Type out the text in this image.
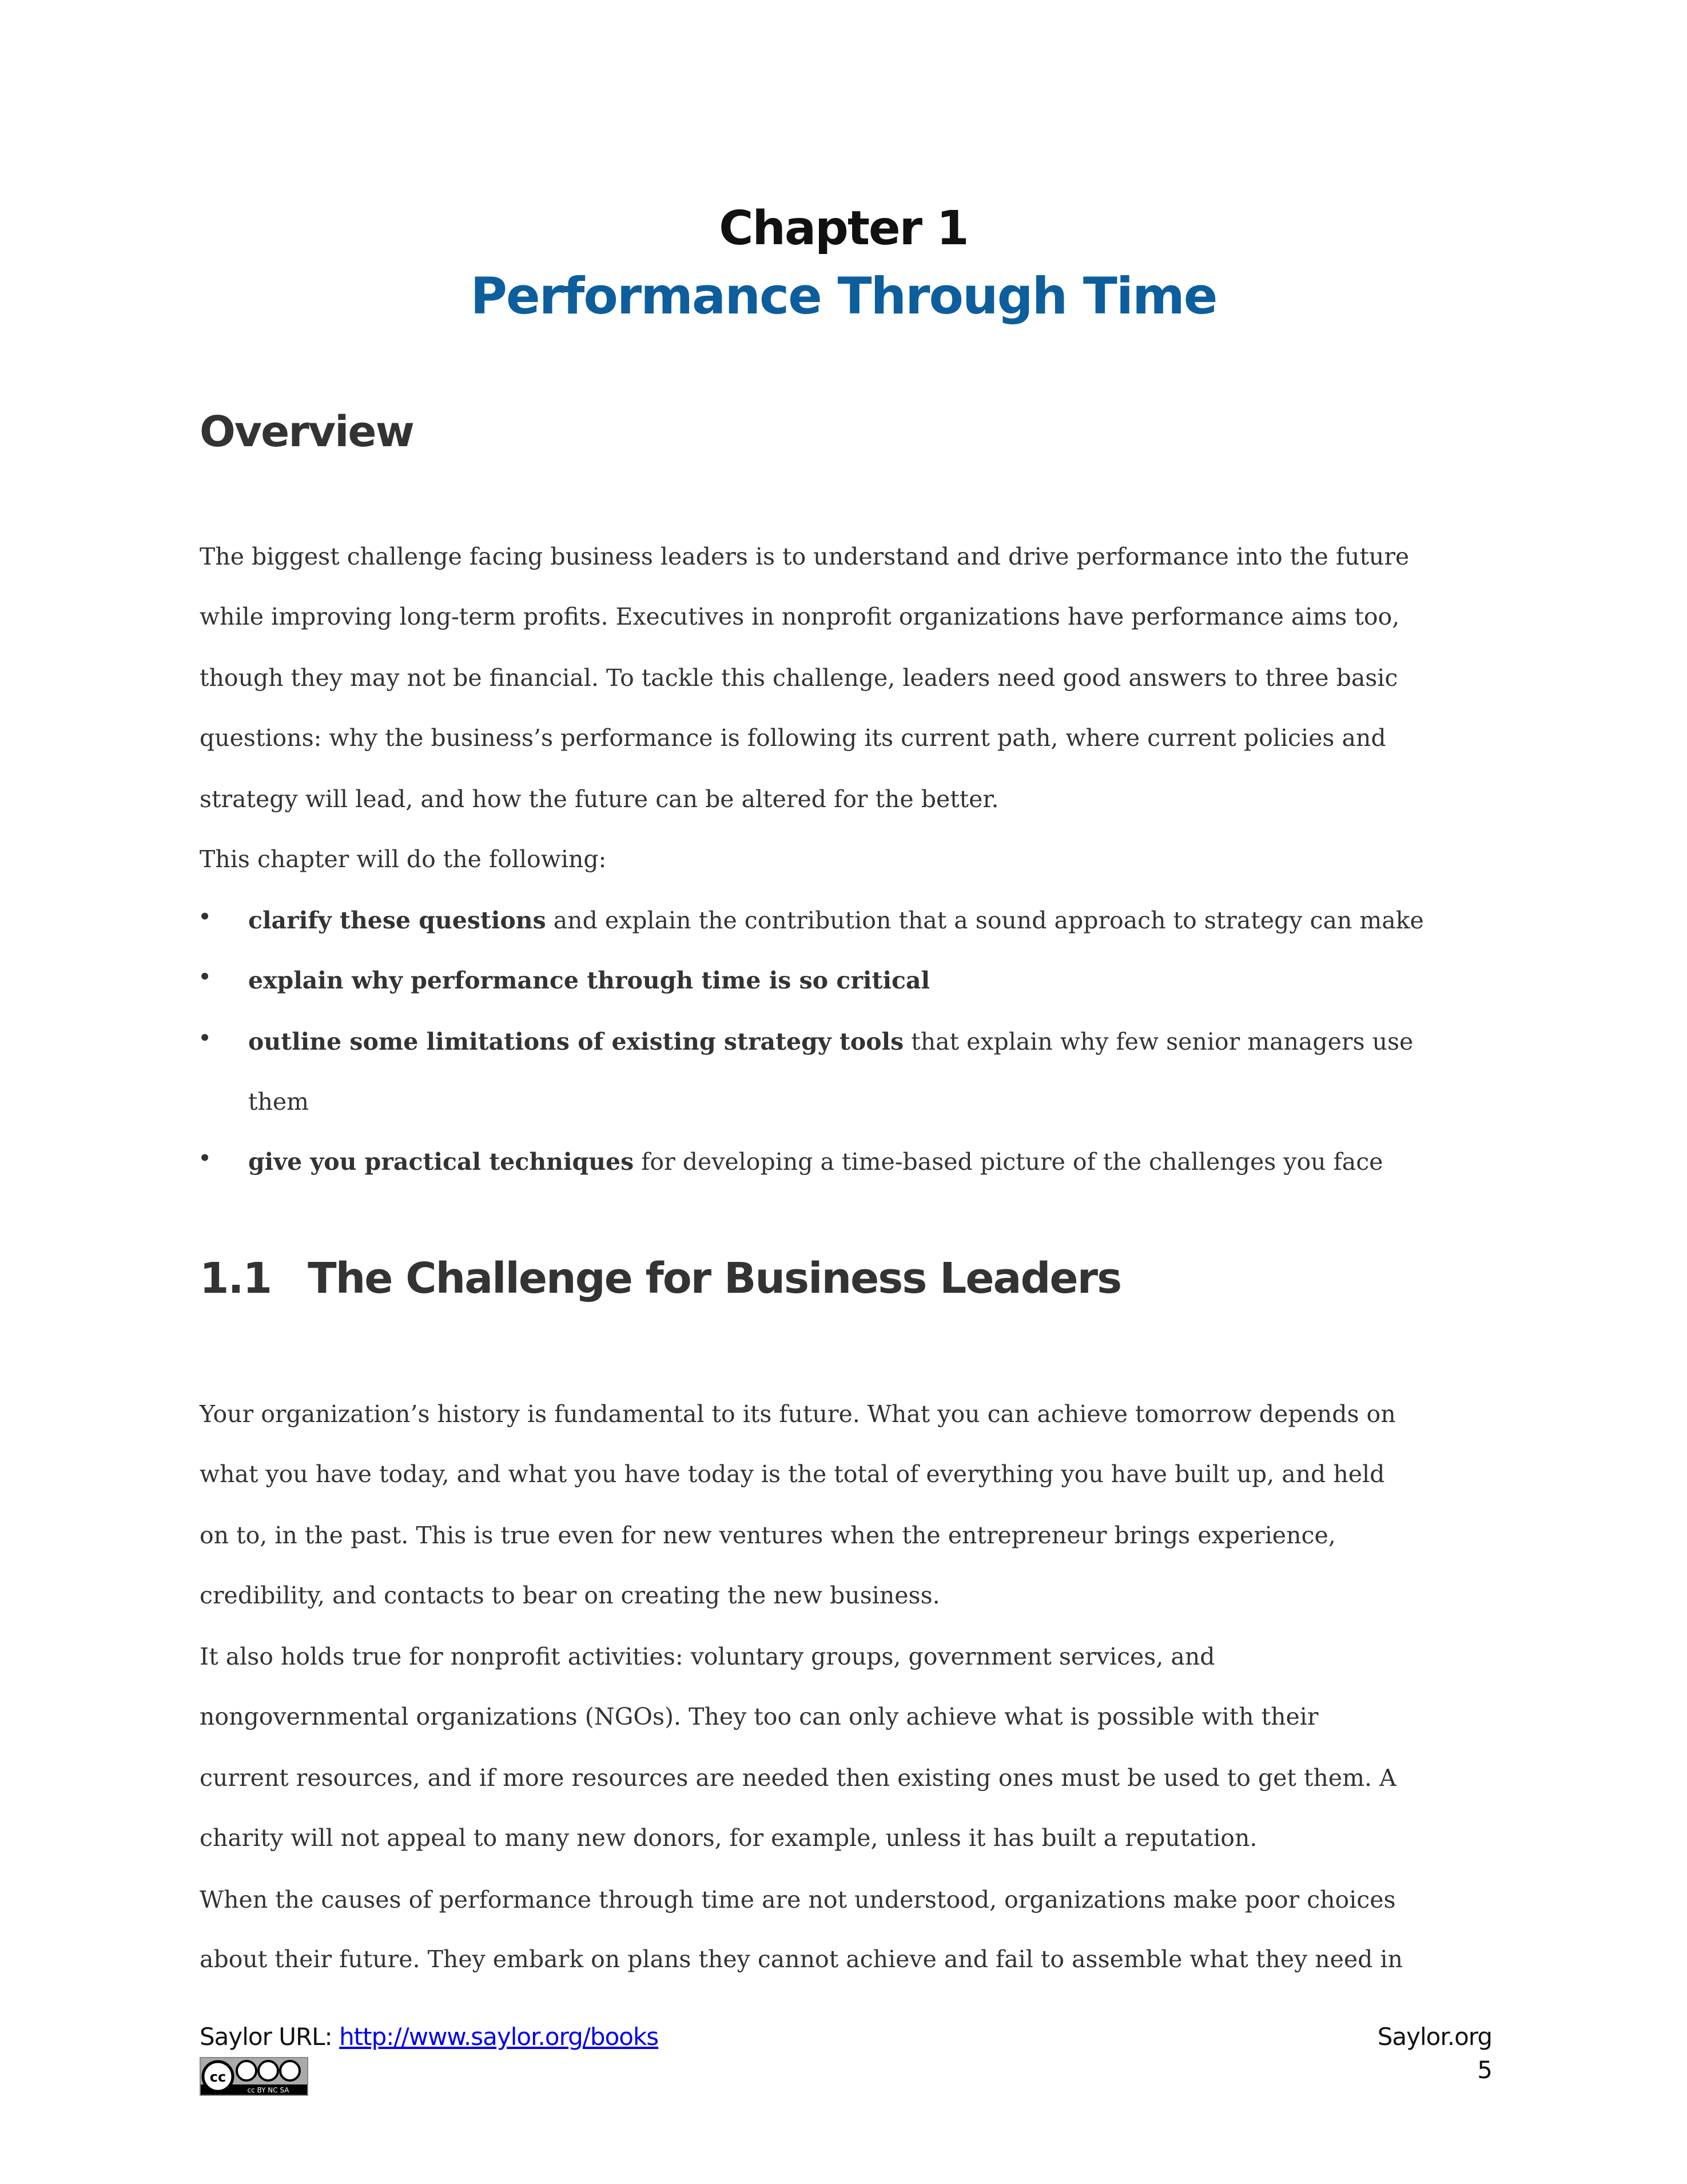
Chapter 1
Performance Through Time
Overview
The biggest challenge facing business leaders is to understand and drive performance into the future
while improving long-term profits. Executives in nonprofit organizations have performance aims too,
though they may not be financial. To tackle this challenge, leaders need good answers to three basic
questions: why the business’s performance is following its current path, where current policies and
strategy will lead, and how the future can be altered for the better.
This chapter will do the following:
• clarify these questions and explain the contribution that a sound approach to strategy can make
• explain why performance through time is so critical
• outline some limitations of existing strategy tools that explain why few senior managers use
them
• give you practical techniques for developing a time-based picture of the challenges you face
1.1 The Challenge for Business Leaders
Your organization’s history is fundamental to its future. What you can achieve tomorrow depends on
what you have today, and what you have today is the total of everything you have built up, and held
on to, in the past. This is true even for new ventures when the entrepreneur brings experience,
credibility, and contacts to bear on creating the new business.
It also holds true for nonprofit activities: voluntary groups, government services, and
nongovernmental organizations (NGOs). They too can only achieve what is possible with their
current resources, and if more resources are needed then existing ones must be used to get them. A
charity will not appeal to many new donors, for example, unless it has built a reputation.
When the causes of performance through time are not understood, organizations make poor choices
about their future. They embark on plans they cannot achieve and fail to assemble what they need in
Saylor URL: http://www.saylor.org/books	Saylor.org
5
cc
cc BY NC SA
